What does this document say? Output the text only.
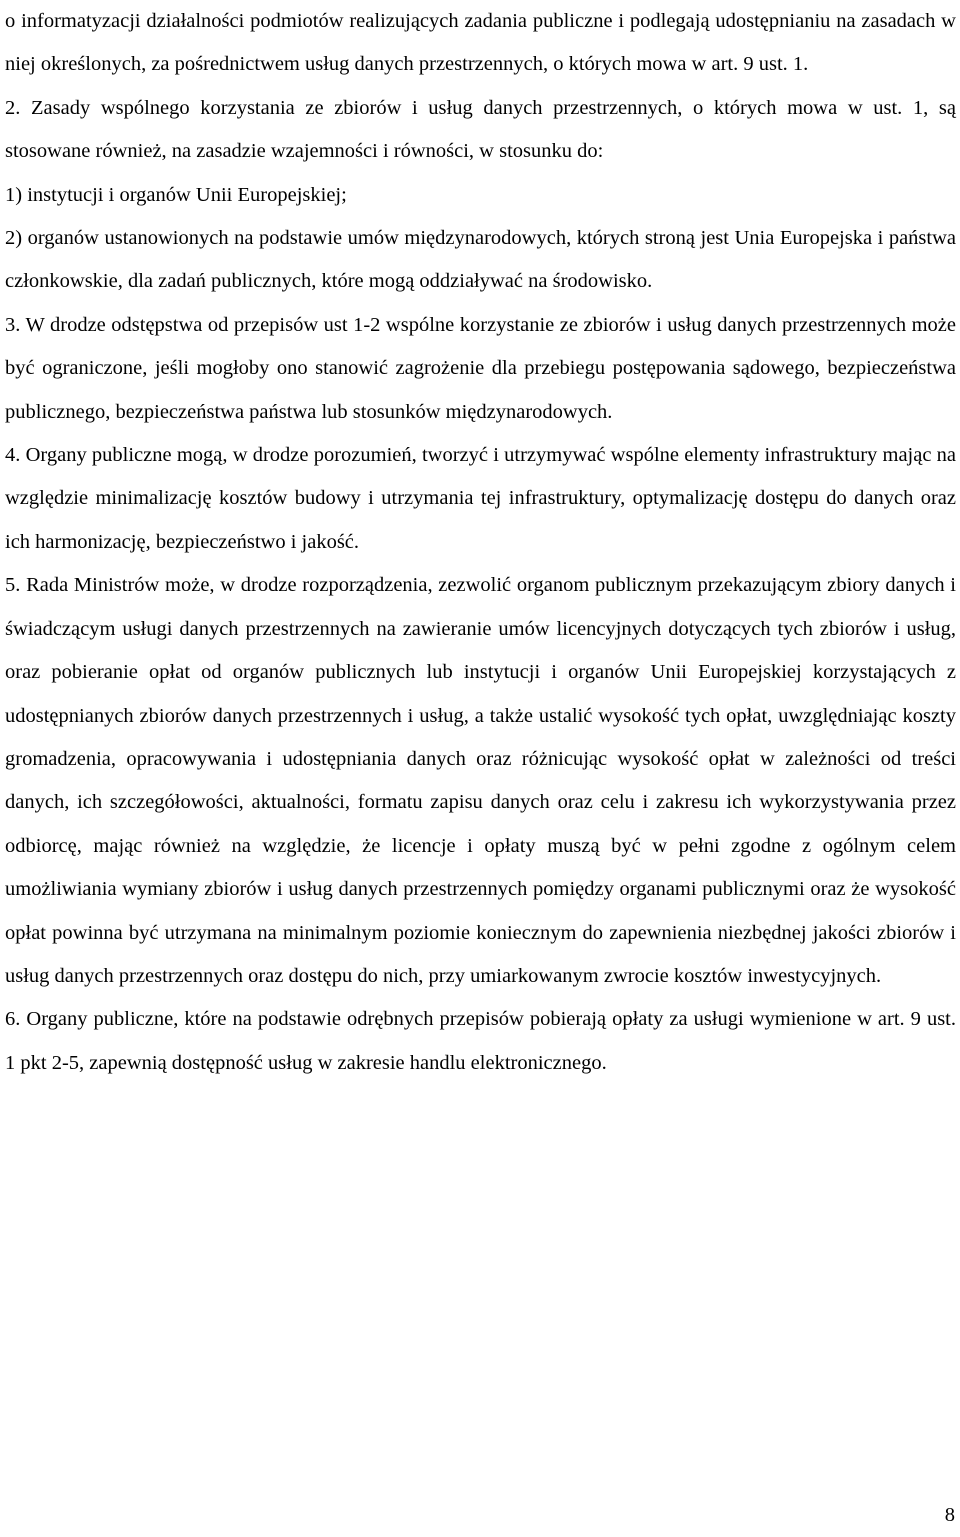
o informatyzacji działalności podmiotów realizujących zadania publiczne i podlegają udostępnianiu na zasadach w niej określonych, za pośrednictwem usług danych przestrzennych, o których mowa w art. 9 ust. 1.

2. Zasady wspólnego korzystania ze zbiorów i usług danych przestrzennych, o których mowa w ust. 1, są stosowane również, na zasadzie wzajemności i równości, w stosunku do:

1) instytucji i organów Unii Europejskiej;

2) organów ustanowionych na podstawie umów międzynarodowych, których stroną jest Unia Europejska i państwa członkowskie, dla zadań publicznych, które mogą oddziaływać na środowisko.

3. W drodze odstępstwa od przepisów ust 1-2 wspólne korzystanie ze zbiorów i usług danych przestrzennych może być ograniczone, jeśli mogłoby ono stanowić zagrożenie dla przebiegu postępowania sądowego, bezpieczeństwa publicznego, bezpieczeństwa państwa lub stosunków międzynarodowych.

4. Organy publiczne mogą, w drodze porozumień, tworzyć i utrzymywać wspólne elementy infrastruktury mając na względzie minimalizację kosztów budowy i utrzymania tej infrastruktury, optymalizację dostępu do danych oraz ich harmonizację, bezpieczeństwo i jakość.

5. Rada Ministrów może, w drodze rozporządzenia, zezwolić organom publicznym przekazującym zbiory danych i świadczącym usługi danych przestrzennych na zawieranie umów licencyjnych dotyczących tych zbiorów i usług, oraz pobieranie opłat od organów publicznych lub instytucji i organów Unii Europejskiej korzystających z udostępnianych zbiorów danych przestrzennych i usług, a także ustalić wysokość tych opłat, uwzględniając koszty gromadzenia, opracowywania i udostępniania danych oraz różnicując wysokość opłat w zależności od treści danych, ich szczegółowości, aktualności, formatu zapisu danych oraz celu i zakresu ich wykorzystywania przez odbiorcę, mając również na względzie, że licencje i opłaty muszą być w pełni zgodne z ogólnym celem umożliwiania wymiany zbiorów i usług danych przestrzennych pomiędzy organami publicznymi oraz że wysokość opłat powinna być utrzymana na minimalnym poziomie koniecznym do zapewnienia niezbędnej jakości zbiorów i usług danych przestrzennych oraz dostępu do nich, przy umiarkowanym zwrocie kosztów inwestycyjnych.

6. Organy publiczne, które na podstawie odrębnych przepisów pobierają opłaty za usługi wymienione w art. 9 ust. 1 pkt 2-5, zapewnią dostępność usług w zakresie handlu elektronicznego.

8
